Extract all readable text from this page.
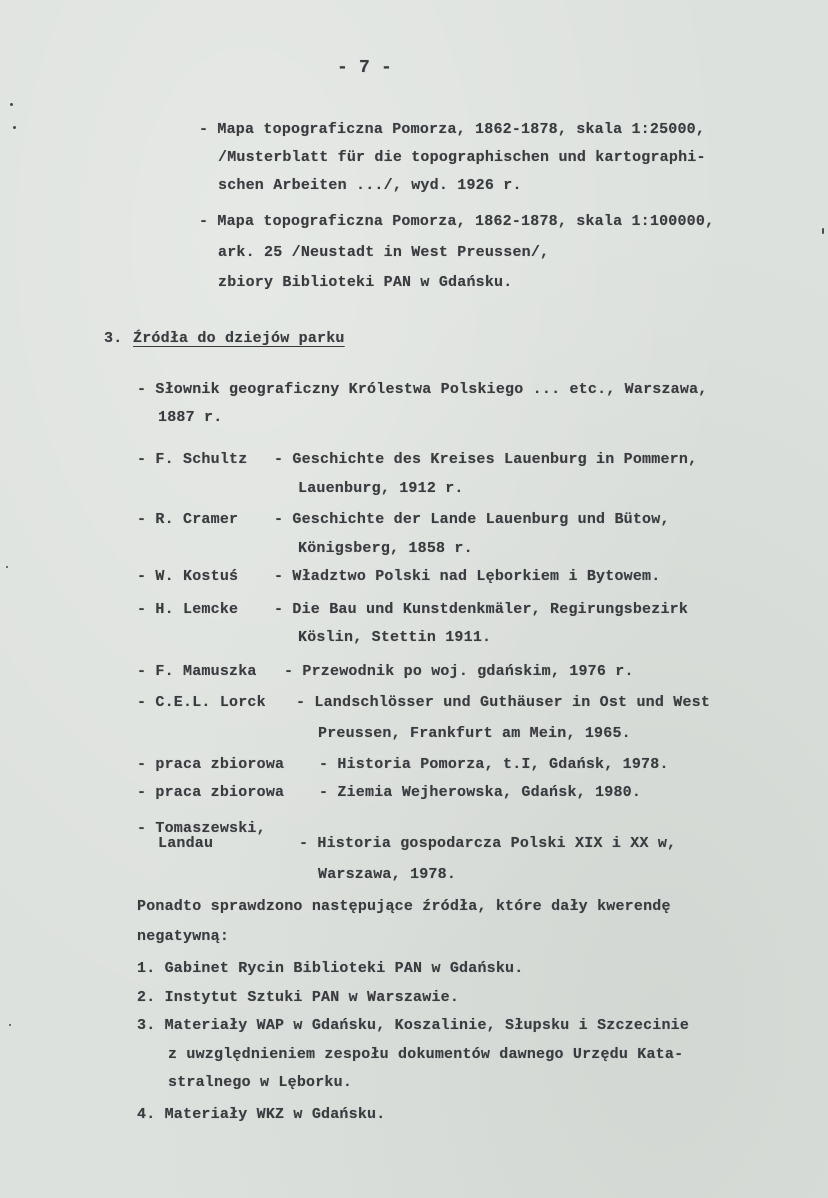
- 7 -
- Mapa topograficzna Pomorza, 1862-1878, skala 1:25000,
/Musterblatt für die topographischen und kartographi-
schen Arbeiten .../, wyd. 1926 r.
- Mapa topograficzna Pomorza, 1862-1878, skala 1:100000,
ark. 25 /Neustadt in West Preussen/,
zbiory Biblioteki PAN w Gdańsku.
3. Źródła do dziejów parku
- Słownik geograficzny Królestwa Polskiego ... etc., Warszawa,
1887 r.
- F. Schultz - Geschichte des Kreises Lauenburg in Pommern,
Lauenburg, 1912 r.
- R. Cramer - Geschichte der Lande Lauenburg und Bütow,
Königsberg, 1858 r.
- W. Kostuś - Władztwo Polski nad Lęborkiem i Bytowem.
- H. Lemcke - Die Bau und Kunstdenkmäler, Regirungsbezirk
Köslin, Stettin 1911.
- F. Mamuszka - Przewodnik po woj. gdańskim, 1976 r.
- C.E.L. Lorck - Landschlösser und Guthäuser in Ost und West
Preussen, Frankfurt am Mein, 1965.
- praca zbiorowa - Historia Pomorza, t.I, Gdańsk, 1978.
- praca zbiorowa - Ziemia Wejherowska, Gdańsk, 1980.
- Tomaszewski,
Landau	- Historia gospodarcza Polski XIX i XX w,
Warszawa, 1978.
Ponadto sprawdzono następujące źródła, które dały kwerendę
negatywną:
1. Gabinet Rycin Biblioteki PAN w Gdańsku.
2. Instytut Sztuki PAN w Warszawie.
3. Materiały WAP w Gdańsku, Koszalinie, Słupsku i Szczecinie
z uwzględnieniem zespołu dokumentów dawnego Urzędu Kata-
stralnego w Lęborku.
4. Materiały WKZ w Gdańsku.
